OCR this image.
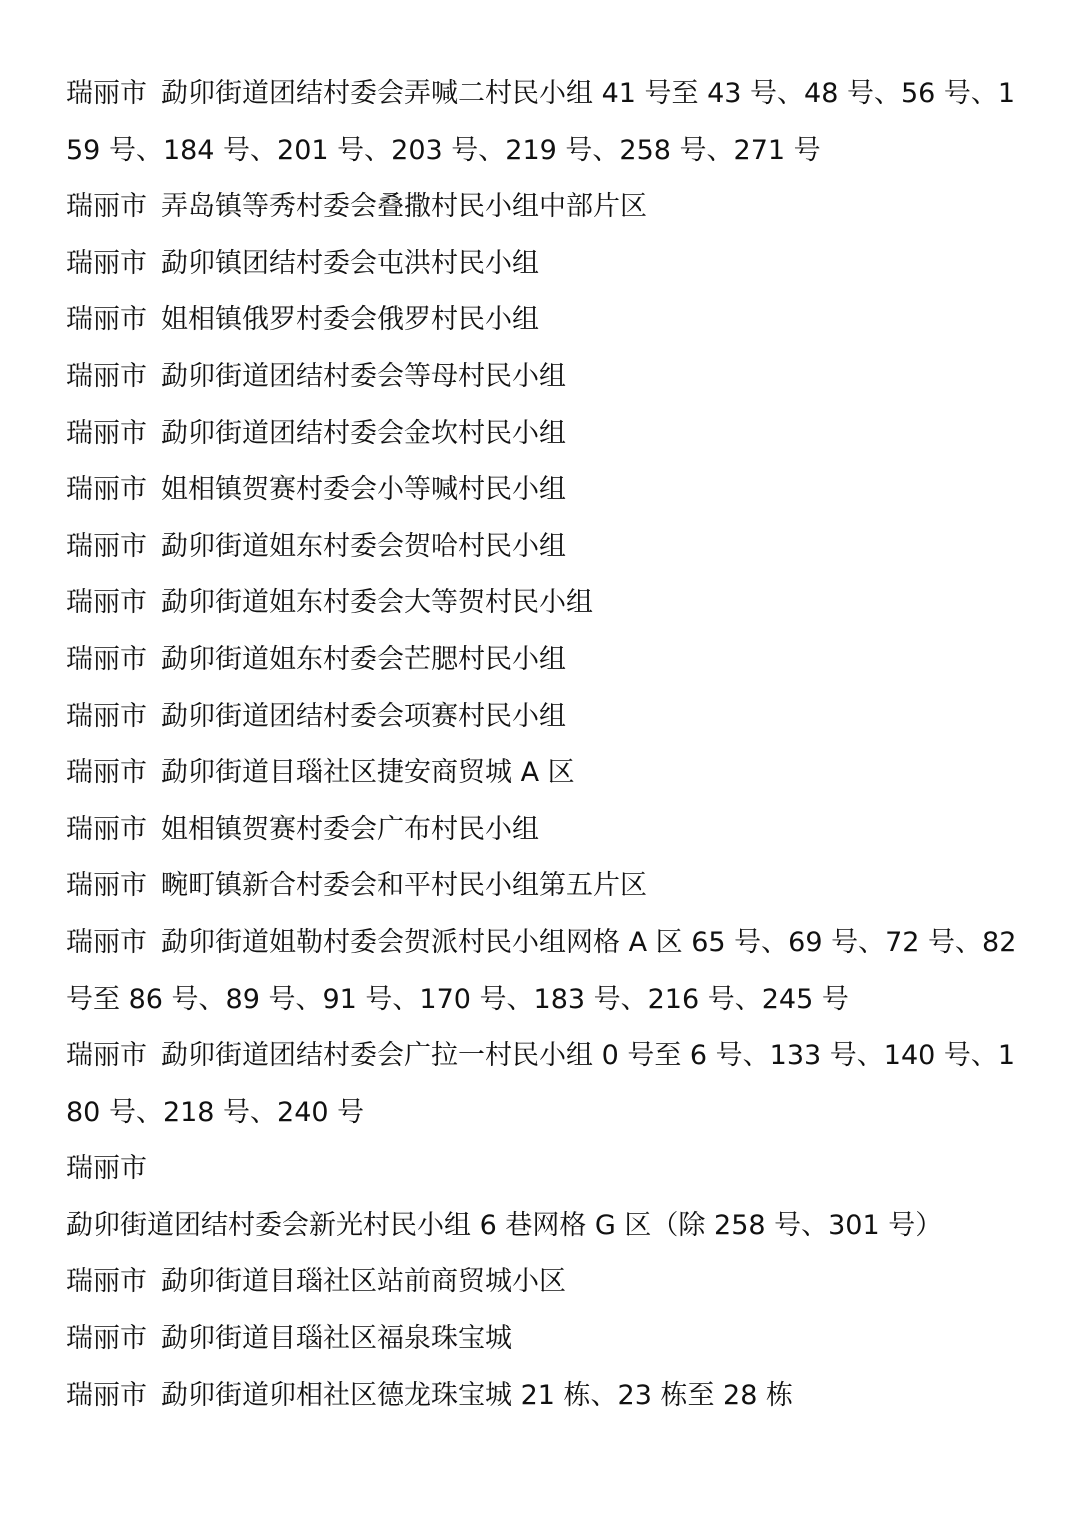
瑞丽市 勐卯街道团结村委会弄喊二村民小组 41 号至 43 号、48 号、56 号、159 号、184 号、201 号、203 号、219 号、258 号、271 号

瑞丽市 弄岛镇等秀村委会叠撒村民小组中部片区

瑞丽市 勐卯镇团结村委会屯洪村民小组

瑞丽市 姐相镇俄罗村委会俄罗村民小组

瑞丽市 勐卯街道团结村委会等母村民小组

瑞丽市 勐卯街道团结村委会金坎村民小组

瑞丽市 姐相镇贺赛村委会小等喊村民小组

瑞丽市 勐卯街道姐东村委会贺哈村民小组

瑞丽市 勐卯街道姐东村委会大等贺村民小组

瑞丽市 勐卯街道姐东村委会芒腮村民小组

瑞丽市 勐卯街道团结村委会项赛村民小组

瑞丽市 勐卯街道目瑙社区捷安商贸城 A 区

瑞丽市 姐相镇贺赛村委会广布村民小组

瑞丽市 畹町镇新合村委会和平村民小组第五片区

瑞丽市 勐卯街道姐勒村委会贺派村民小组网格 A 区 65 号、69 号、72 号、82 号至 86 号、89 号、91 号、170 号、183 号、216 号、245 号

瑞丽市 勐卯街道团结村委会广拉一村民小组 0 号至 6 号、133 号、140 号、180 号、218 号、240 号

瑞丽市勐卯街道团结村委会新光村民小组 6 巷网格 G 区（除 258 号、301 号）

瑞丽市 勐卯街道目瑙社区站前商贸城小区

瑞丽市 勐卯街道目瑙社区福泉珠宝城

瑞丽市 勐卯街道卯相社区德龙珠宝城 21 栋、23 栋至 28 栋
